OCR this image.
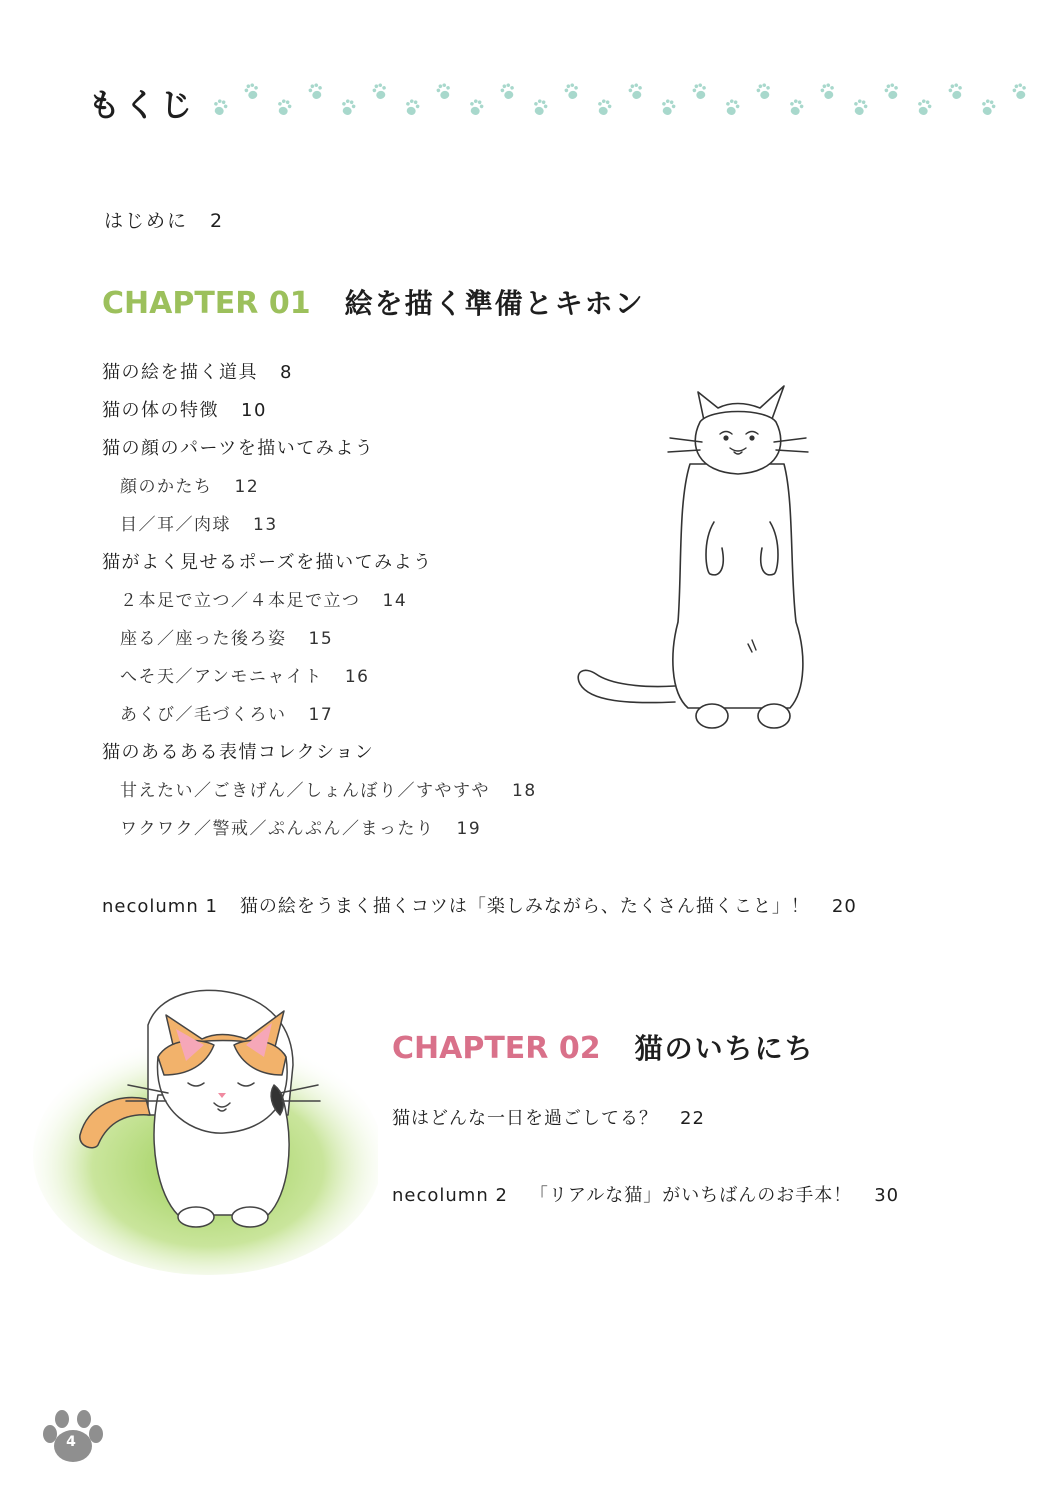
もくじ
はじめに 2
CHAPTER 01 絵を描く準備とキホン
猫の絵を描く道具 8
猫の体の特徴 10
猫の顔のパーツを描いてみよう
顔のかたち 12
目／耳／肉球 13
猫がよく見せるポーズを描いてみよう
２本足で立つ／４本足で立つ 14
座る／座った後ろ姿 15
へそ天／アンモニャイト 16
あくび／毛づくろい 17
猫のあるある表情コレクション
甘えたい／ごきげん／しょんぼり／すやすや 18
ワクワク／警戒／ぷんぷん／まったり 19
necolumn 1 猫の絵をうまく描くコツは「楽しみながら、たくさん描くこと」！ 20
CHAPTER 02 猫のいちにち
猫はどんな一日を過ごしてる？ 22
necolumn 2 「リアルな猫」がいちばんのお手本！ 30
4
